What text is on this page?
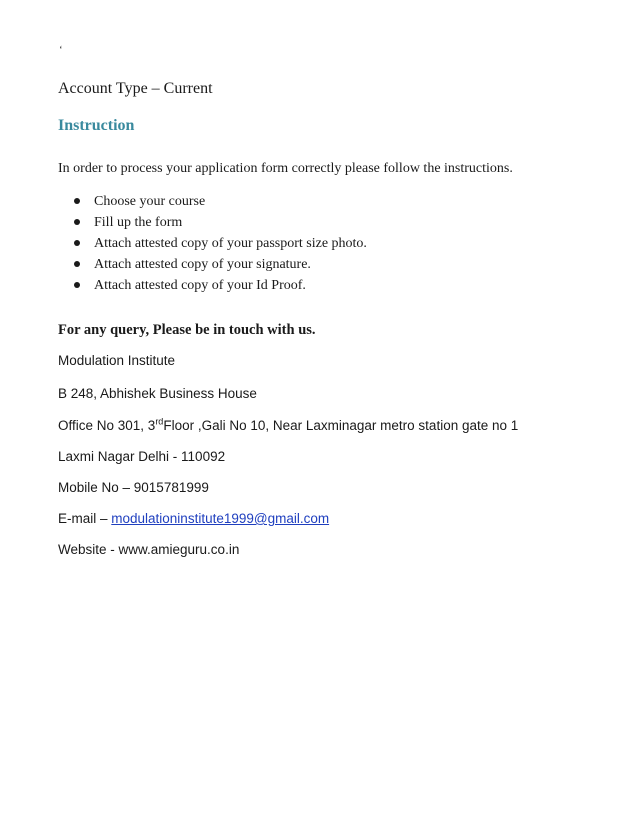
‘
Account Type – Current
Instruction
In order to process your application form correctly please follow the instructions.
Choose your course
Fill up the form
Attach attested copy of your passport size photo.
Attach attested copy of your signature.
Attach attested copy of your Id Proof.
For any query, Please be in touch with us.
Modulation Institute
B 248, Abhishek Business House
Office No 301, 3rdFloor ,Gali No 10, Near Laxminagar metro station gate no 1
Laxmi Nagar Delhi - 110092
Mobile No – 9015781999
E-mail – modulationinstitute1999@gmail.com
Website - www.amieguru.co.in
